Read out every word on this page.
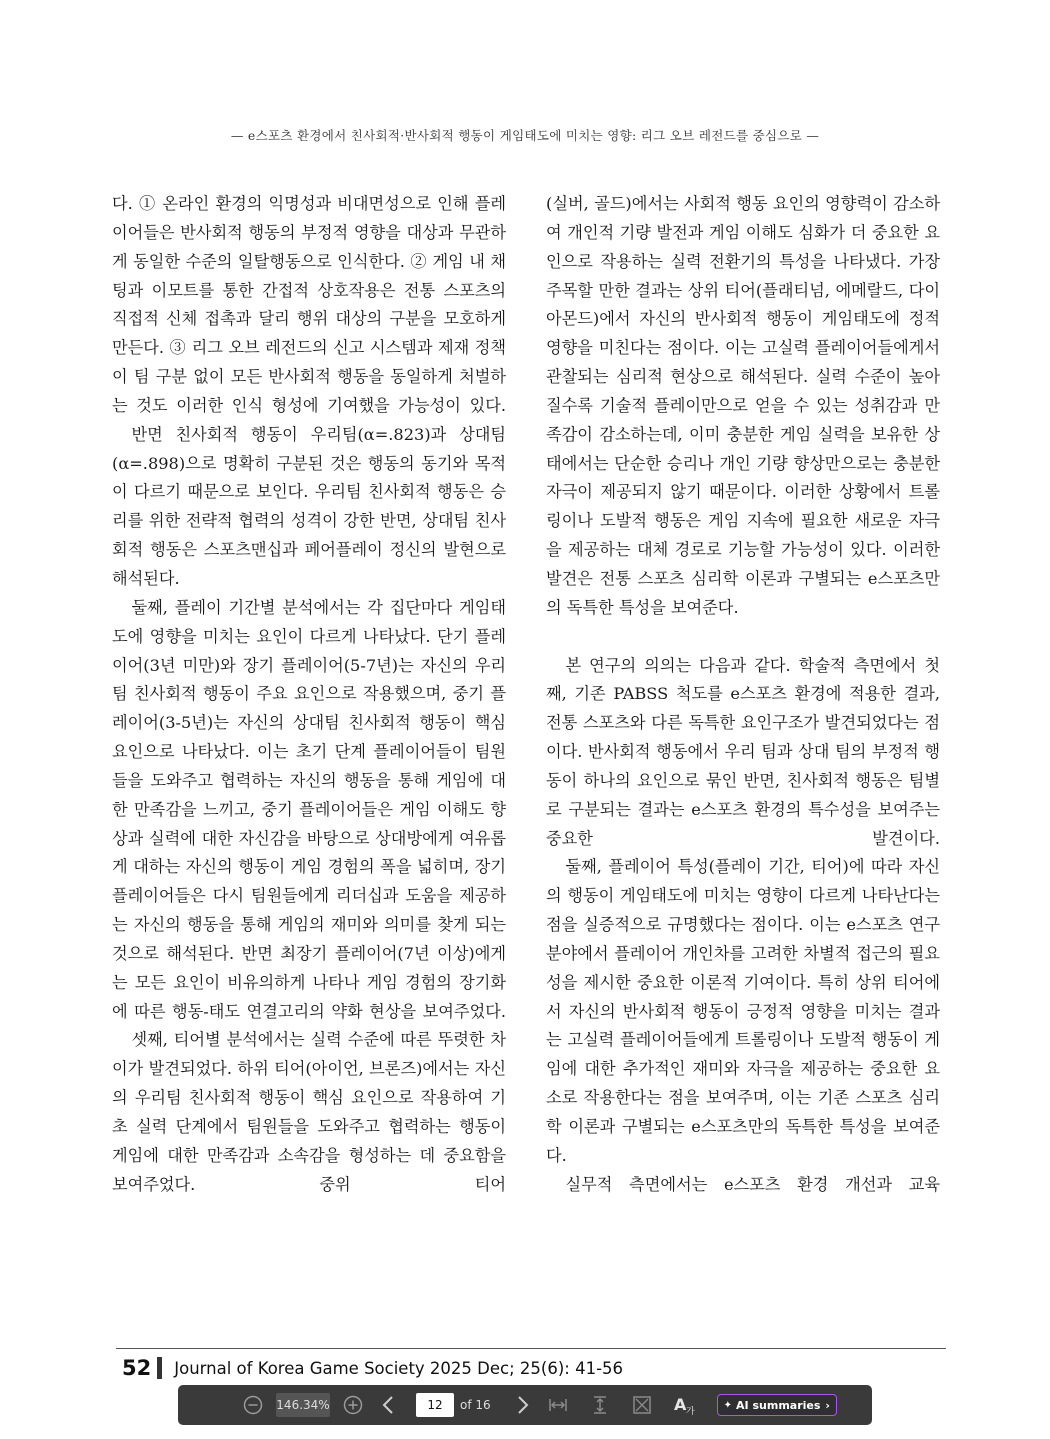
— e스포츠 환경에서 친사회적·반사회적 행동이 게임태도에 미치는 영향: 리그 오브 레전드를 중심으로 —

다. ① 온라인 환경의 익명성과 비대면성으로 인해 플레이어들은 반사회적 행동의 부정적 영향을 대상과 무관하게 동일한 수준의 일탈행동으로 인식한다. ② 게임 내 채팅과 이모트를 통한 간접적 상호작용은 전통 스포츠의 직접적 신체 접촉과 달리 행위 대상의 구분을 모호하게 만든다. ③ 리그 오브 레전드의 신고 시스템과 제재 정책이 팀 구분 없이 모든 반사회적 행동을 동일하게 처벌하는 것도 이러한 인식 형성에 기여했을 가능성이 있다.

반면 친사회적 행동이 우리팀(α=.823)과 상대팀(α=.898)으로 명확히 구분된 것은 행동의 동기와 목적이 다르기 때문으로 보인다. 우리팀 친사회적 행동은 승리를 위한 전략적 협력의 성격이 강한 반면, 상대팀 친사회적 행동은 스포츠맨십과 페어플레이 정신의 발현으로 해석된다.

둘째, 플레이 기간별 분석에서는 각 집단마다 게임태도에 영향을 미치는 요인이 다르게 나타났다. 단기 플레이어(3년 미만)와 장기 플레이어(5-7년)는 자신의 우리팀 친사회적 행동이 주요 요인으로 작용했으며, 중기 플레이어(3-5년)는 자신의 상대팀 친사회적 행동이 핵심 요인으로 나타났다. 이는 초기 단계 플레이어들이 팀원들을 도와주고 협력하는 자신의 행동을 통해 게임에 대한 만족감을 느끼고, 중기 플레이어들은 게임 이해도 향상과 실력에 대한 자신감을 바탕으로 상대방에게 여유롭게 대하는 자신의 행동이 게임 경험의 폭을 넓히며, 장기 플레이어들은 다시 팀원들에게 리더십과 도움을 제공하는 자신의 행동을 통해 게임의 재미와 의미를 찾게 되는 것으로 해석된다. 반면 최장기 플레이어(7년 이상)에게는 모든 요인이 비유의하게 나타나 게임 경험의 장기화에 따른 행동-태도 연결고리의 약화 현상을 보여주었다.

셋째, 티어별 분석에서는 실력 수준에 따른 뚜렷한 차이가 발견되었다. 하위 티어(아이언, 브론즈)에서는 자신의 우리팀 친사회적 행동이 핵심 요인으로 작용하여 기초 실력 단계에서 팀원들을 도와주고 협력하는 행동이 게임에 대한 만족감과 소속감을 형성하는 데 중요함을 보여주었다. 중위 티어

(실버, 골드)에서는 사회적 행동 요인의 영향력이 감소하여 개인적 기량 발전과 게임 이해도 심화가 더 중요한 요인으로 작용하는 실력 전환기의 특성을 나타냈다. 가장 주목할 만한 결과는 상위 티어(플래티넘, 에메랄드, 다이아몬드)에서 자신의 반사회적 행동이 게임태도에 정적 영향을 미친다는 점이다. 이는 고실력 플레이어들에게서 관찰되는 심리적 현상으로 해석된다. 실력 수준이 높아질수록 기술적 플레이만으로 얻을 수 있는 성취감과 만족감이 감소하는데, 이미 충분한 게임 실력을 보유한 상태에서는 단순한 승리나 개인 기량 향상만으로는 충분한 자극이 제공되지 않기 때문이다. 이러한 상황에서 트롤링이나 도발적 행동은 게임 지속에 필요한 새로운 자극을 제공하는 대체 경로로 기능할 가능성이 있다. 이러한 발견은 전통 스포츠 심리학 이론과 구별되는 e스포츠만의 독특한 특성을 보여준다.

본 연구의 의의는 다음과 같다. 학술적 측면에서 첫째, 기존 PABSS 척도를 e스포츠 환경에 적용한 결과, 전통 스포츠와 다른 독특한 요인구조가 발견되었다는 점이다. 반사회적 행동에서 우리 팀과 상대 팀의 부정적 행동이 하나의 요인으로 묶인 반면, 친사회적 행동은 팀별로 구분되는 결과는 e스포츠 환경의 특수성을 보여주는 중요한 발견이다.

둘째, 플레이어 특성(플레이 기간, 티어)에 따라 자신의 행동이 게임태도에 미치는 영향이 다르게 나타난다는 점을 실증적으로 규명했다는 점이다. 이는 e스포츠 연구 분야에서 플레이어 개인차를 고려한 차별적 접근의 필요성을 제시한 중요한 이론적 기여이다. 특히 상위 티어에서 자신의 반사회적 행동이 긍정적 영향을 미치는 결과는 고실력 플레이어들에게 트롤링이나 도발적 행동이 게임에 대한 추가적인 재미와 자극을 제공하는 중요한 요소로 작용한다는 점을 보여주며, 이는 기존 스포츠 심리학 이론과 구별되는 e스포츠만의 독특한 특성을 보여준다.

실무적 측면에서는 e스포츠 환경 개선과 교육

52 Journal of Korea Game Society 2025 Dec; 25(6): 41-56
146.34%
12	of 16	A 가
✦ AI summaries ›
